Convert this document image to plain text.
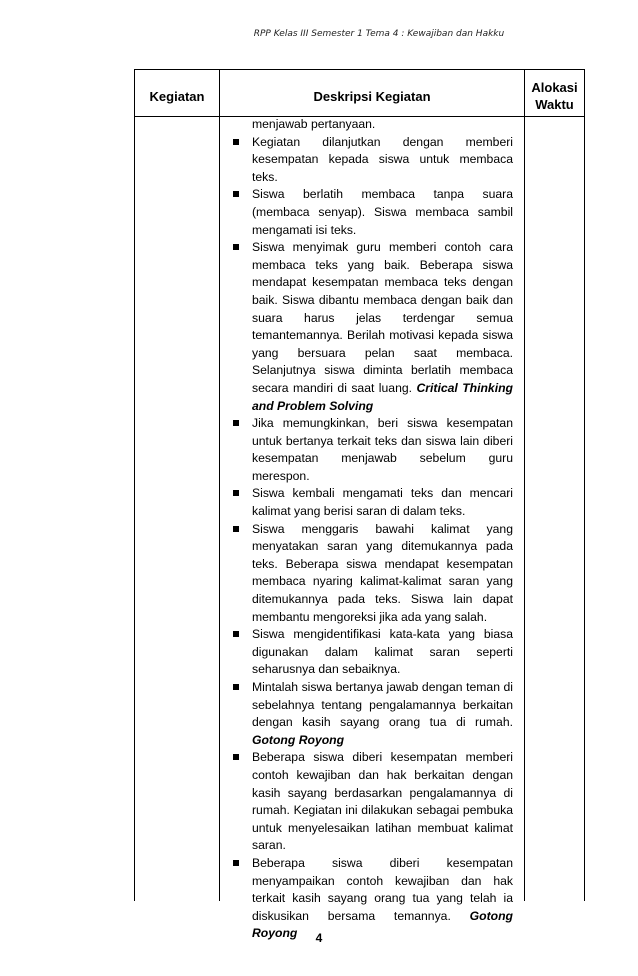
RPP Kelas III Semester 1 Tema 4 : Kewajiban dan Hakku
Kegiatan	Deskripsi Kegiatan
Alokasi
Waktu
menjawab pertanyaan.
Kegiatan dilanjutkan dengan memberi kesempatan kepada siswa untuk membaca teks.
Siswa berlatih membaca tanpa suara (membaca senyap). Siswa membaca sambil mengamati isi teks.
Siswa menyimak guru memberi contoh cara membaca teks yang baik. Beberapa siswa mendapat kesempatan membaca teks dengan baik. Siswa dibantu membaca dengan baik dan suara harus jelas terdengar semua temantemannya. Berilah motivasi kepada siswa yang bersuara pelan saat membaca. Selanjutnya siswa diminta berlatih membaca secara mandiri di saat luang. Critical Thinking and Problem Solving
Jika memungkinkan, beri siswa kesempatan untuk bertanya terkait teks dan siswa lain diberi kesempatan menjawab sebelum guru merespon.
Siswa kembali mengamati teks dan mencari kalimat yang berisi saran di dalam teks.
Siswa menggaris bawahi kalimat yang menyatakan saran yang ditemukannya pada teks. Beberapa siswa mendapat kesempatan membaca nyaring kalimat-kalimat saran yang ditemukannya pada teks. Siswa lain dapat membantu mengoreksi jika ada yang salah.
Siswa mengidentifikasi kata-kata yang biasa digunakan dalam kalimat saran seperti seharusnya dan sebaiknya.
Mintalah siswa bertanya jawab dengan teman di sebelahnya tentang pengalamannya berkaitan dengan kasih sayang orang tua di rumah. Gotong Royong
Beberapa siswa diberi kesempatan memberi contoh kewajiban dan hak berkaitan dengan kasih sayang berdasarkan pengalamannya di rumah. Kegiatan ini dilakukan sebagai pembuka untuk menyelesaikan latihan membuat kalimat saran.
Beberapa siswa diberi kesempatan menyampaikan contoh kewajiban dan hak terkait kasih sayang orang tua yang telah ia diskusikan bersama temannya. Gotong Royong	4
